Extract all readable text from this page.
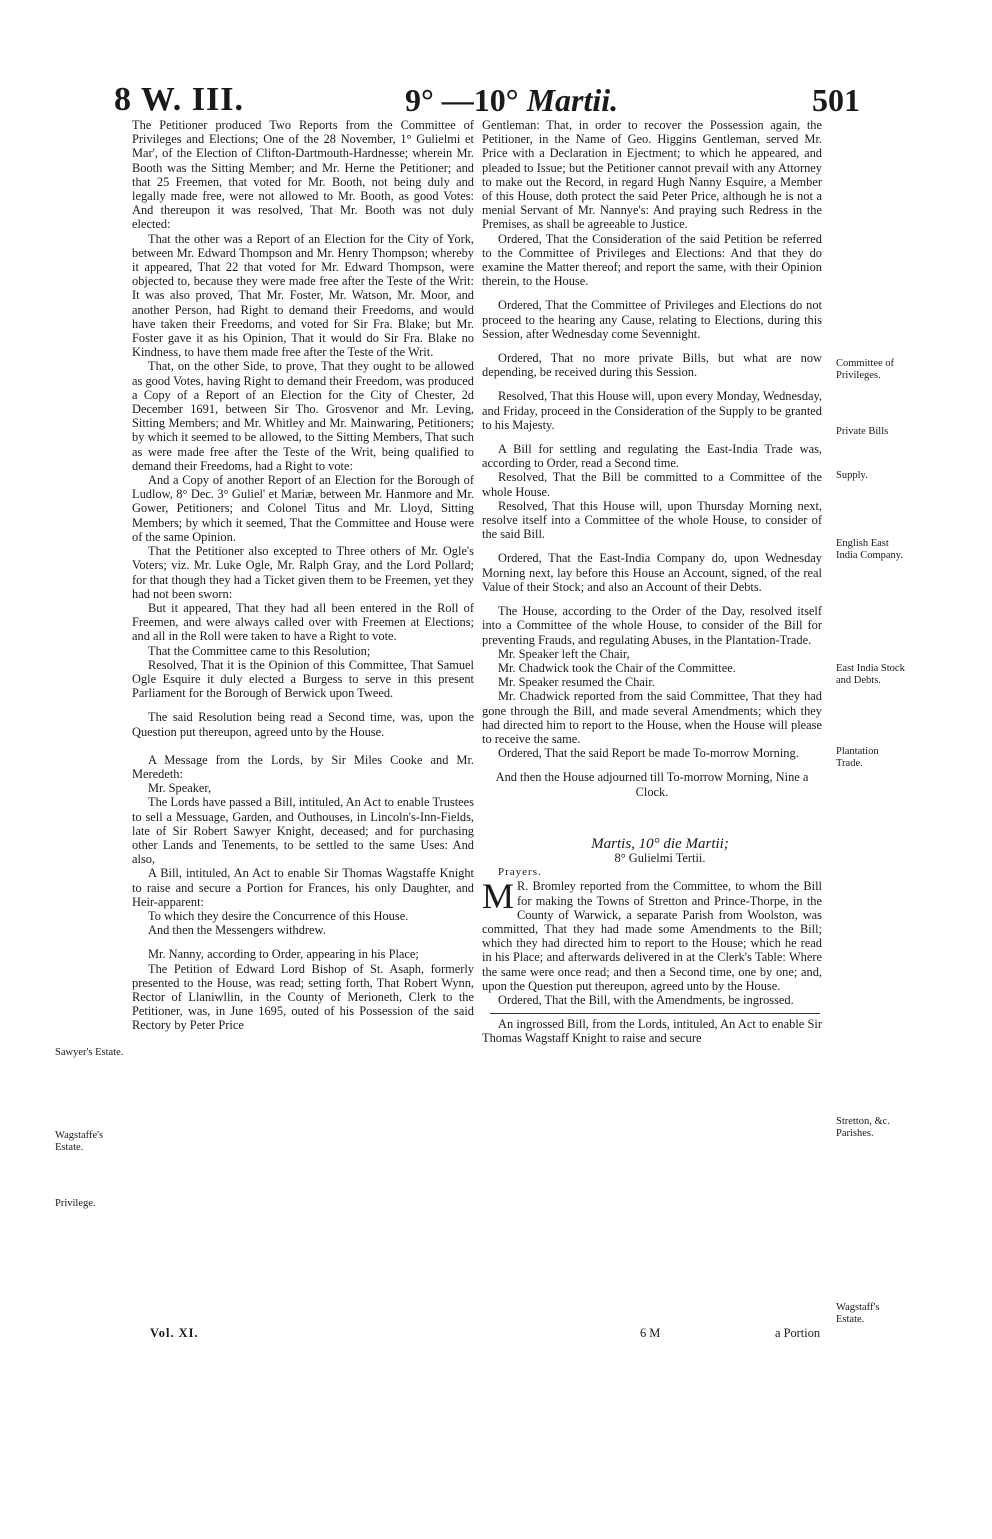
8 W. III.	9° —10° Martii.	501

The Petitioner produced Two Reports from the Committee of Privileges and Elections; One of the 28 November, 1° Gulielmi et Mar', of the Election of Clifton-Dartmouth-Hardnesse; wherein Mr. Booth was the Sitting Member; and Mr. Herne the Petitioner; and that 25 Freemen, that voted for Mr. Booth, not being duly and legally made free, were not allowed to Mr. Booth, as good Votes: And thereupon it was resolved, That Mr. Booth was not duly elected:

That the other was a Report of an Election for the City of York, between Mr. Edward Thompson and Mr. Henry Thompson; whereby it appeared, That 22 that voted for Mr. Edward Thompson, were objected to, because they were made free after the Teste of the Writ: It was also proved, That Mr. Foster, Mr. Watson, Mr. Moor, and another Person, had Right to demand their Freedoms, and would have taken their Freedoms, and voted for Sir Fra. Blake; but Mr. Foster gave it as his Opinion, That it would do Sir Fra. Blake no Kindness, to have them made free after the Teste of the Writ.

That, on the other Side, to prove, That they ought to be allowed as good Votes, having Right to demand their Freedom, was produced a Copy of a Report of an Election for the City of Chester, 2d December 1691, between Sir Tho. Grosvenor and Mr. Leving, Sitting Members; and Mr. Whitley and Mr. Mainwaring, Petitioners; by which it seemed to be allowed, to the Sitting Members, That such as were made free after the Teste of the Writ, being qualified to demand their Freedoms, had a Right to vote:

And a Copy of another Report of an Election for the Borough of Ludlow, 8° Dec. 3° Guliel' et Mariæ, between Mr. Hanmore and Mr. Gower, Petitioners; and Colonel Titus and Mr. Lloyd, Sitting Members; by which it seemed, That the Committee and House were of the same Opinion.

That the Petitioner also excepted to Three others of Mr. Ogle's Voters; viz. Mr. Luke Ogle, Mr. Ralph Gray, and the Lord Pollard; for that though they had a Ticket given them to be Freemen, yet they had not been sworn:

But it appeared, That they had all been entered in the Roll of Freemen, and were always called over with Freemen at Elections; and all in the Roll were taken to have a Right to vote.

That the Committee came to this Resolution;

Resolved, That it is the Opinion of this Committee, That Samuel Ogle Esquire it duly elected a Burgess to serve in this present Parliament for the Borough of Berwick upon Tweed.

The said Resolution being read a Second time, was, upon the Question put thereupon, agreed unto by the House.

A Message from the Lords, by Sir Miles Cooke and Mr. Meredeth:

Mr. Speaker,

The Lords have passed a Bill, intituled, An Act to enable Trustees to sell a Messuage, Garden, and Outhouses, in Lincoln's-Inn-Fields, late of Sir Robert Sawyer Knight, deceased; and for purchasing other Lands and Tenements, to be settled to the same Uses: And also,

A Bill, intituled, An Act to enable Sir Thomas Wagstaffe Knight to raise and secure a Portion for Frances, his only Daughter, and Heir-apparent:

To which they desire the Concurrence of this House.

And then the Messengers withdrew.

Mr. Nanny, according to Order, appearing in his Place;

The Petition of Edward Lord Bishop of St. Asaph, formerly presented to the House, was read; setting forth, That Robert Wynn, Rector of Llaniwllin, in the County of Merioneth, Clerk to the Petitioner, was, in June 1695, outed of his Possession of the said Rectory by Peter Price

Gentleman: That, in order to recover the Possession again, the Petitioner, in the Name of Geo. Higgins Gentleman, served Mr. Price with a Declaration in Ejectment; to which he appeared, and pleaded to Issue; but the Petitioner cannot prevail with any Attorney to make out the Record, in regard Hugh Nanny Esquire, a Member of this House, doth protect the said Peter Price, although he is not a menial Servant of Mr. Nannye's: And praying such Redress in the Premises, as shall be agreeable to Justice.

Ordered, That the Consideration of the said Petition be referred to the Committee of Privileges and Elections: And that they do examine the Matter thereof; and report the same, with their Opinion therein, to the House.

Ordered, That the Committee of Privileges and Elections do not proceed to the hearing any Cause, relating to Elections, during this Session, after Wednesday come Sevennight.

Ordered, That no more private Bills, but what are now depending, be received during this Session.

Resolved, That this House will, upon every Monday, Wednesday, and Friday, proceed in the Consideration of the Supply to be granted to his Majesty.

A Bill for settling and regulating the East-India Trade was, according to Order, read a Second time.

Resolved, That the Bill be committed to a Committee of the whole House.

Resolved, That this House will, upon Thursday Morning next, resolve itself into a Committee of the whole House, to consider of the said Bill.

Ordered, That the East-India Company do, upon Wednesday Morning next, lay before this House an Account, signed, of the real Value of their Stock; and also an Account of their Debts.

The House, according to the Order of the Day, resolved itself into a Committee of the whole House, to consider of the Bill for preventing Frauds, and regulating Abuses, in the Plantation-Trade.

Mr. Speaker left the Chair,

Mr. Chadwick took the Chair of the Committee.

Mr. Speaker resumed the Chair.

Mr. Chadwick reported from the said Committee, That they had gone through the Bill, and made several Amendments; which they had directed him to report to the House, when the House will please to receive the same.

Ordered, That the said Report be made To-morrow Morning.

And then the House adjourned till To-morrow Morning, Nine a Clock.

Martis, 10° die Martii;

8° Gulielmi Tertii.

Prayers.

M R. Bromley reported from the Committee, to whom the Bill for making the Towns of Stretton and Prince-Thorpe, in the County of Warwick, a separate Parish from Woolston, was committed, That they had made some Amendments to the Bill; which they had directed him to report to the House; which he read in his Place; and afterwards delivered in at the Clerk's Table: Where the same were once read; and then a Second time, one by one; and, upon the Question put thereupon, agreed unto by the House.

Ordered, That the Bill, with the Amendments, be ingrossed.

An ingrossed Bill, from the Lords, intituled, An Act to enable Sir Thomas Wagstaff Knight to raise and secure

Sawyer's Estate.
Wagstaffe's Estate.
Privilege.
Committee of Privileges.
Private Bills
Supply.
English East India Company.
East India Stock and Debts.
Plantation Trade.
Stretton, &c. Parishes.
Wagstaff's Estate.
Vol. XI.	6 M	a Portion
